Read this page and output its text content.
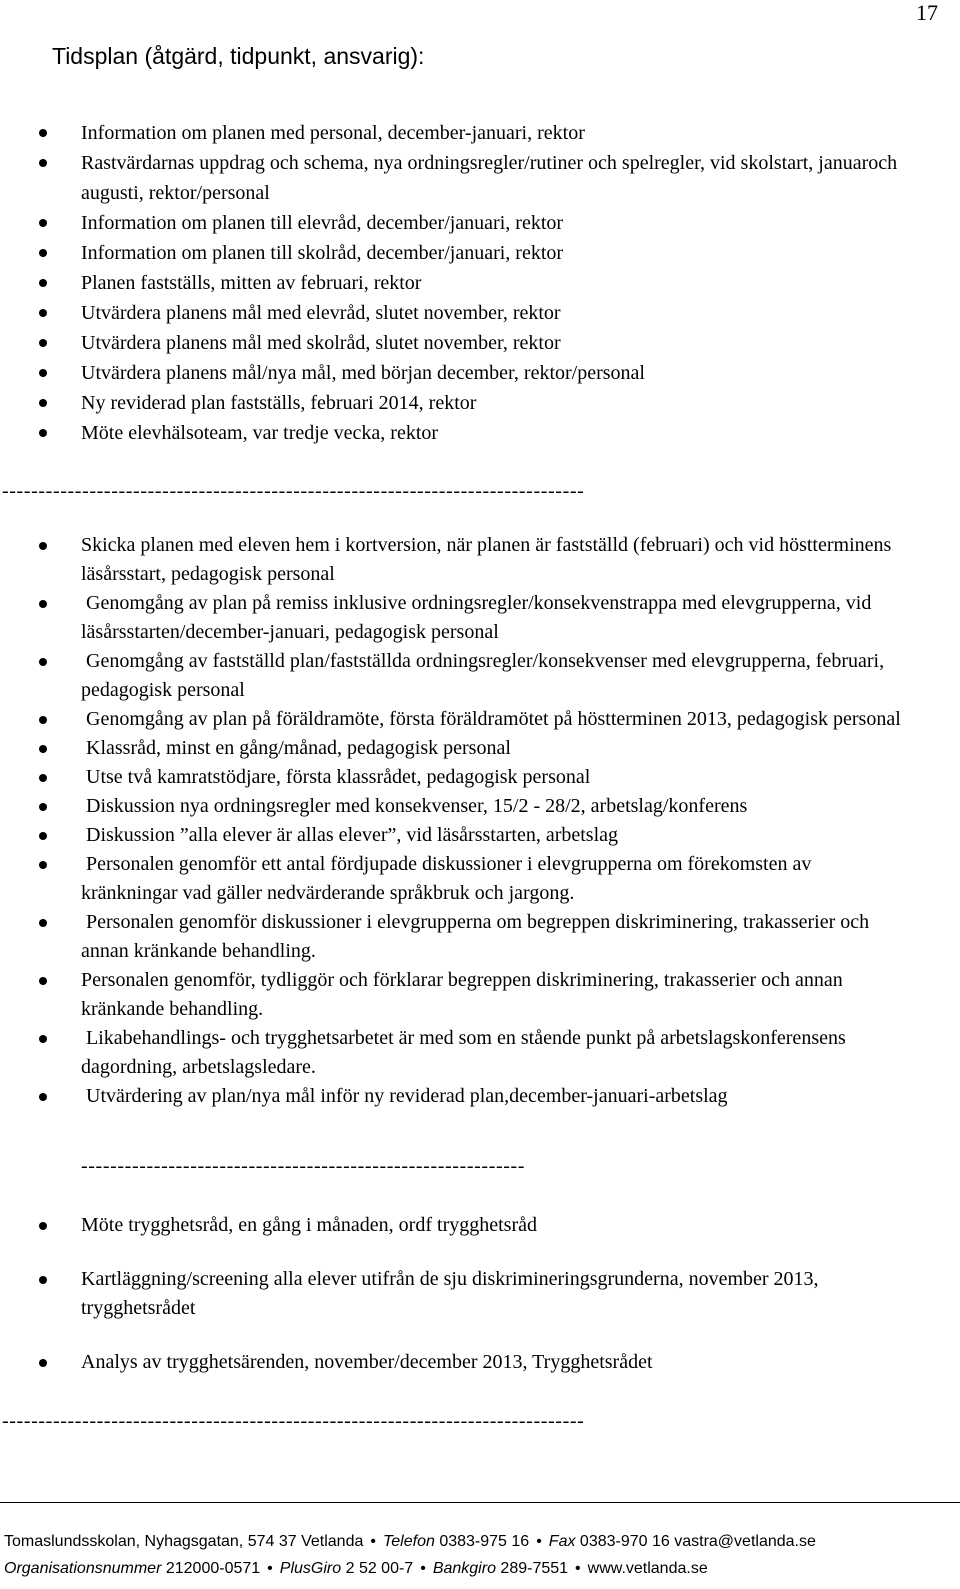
17
Tidsplan (åtgärd, tidpunkt, ansvarig):
Information om planen med personal, december-januari, rektor
Rastvärdarnas uppdrag och schema, nya ordningsregler/rutiner och spelregler, vid skolstart, januaroch augusti, rektor/personal
Information om planen till elevråd, december/januari, rektor
Information om planen till skolråd, december/januari, rektor
Planen fastställs, mitten av februari, rektor
Utvärdera planens mål med elevråd, slutet november, rektor
Utvärdera planens mål med skolråd, slutet november, rektor
Utvärdera planens mål/nya mål, med början december, rektor/personal
Ny reviderad plan fastställs, februari 2014, rektor
Möte elevhälsoteam, var tredje vecka, rektor
--------------------------------------------------------------------------------
Skicka planen med eleven hem i kortversion, när planen är fastställd (februari) och vid höstterminens läsårsstart, pedagogisk personal
Genomgång av plan på remiss inklusive ordningsregler/konsekvenstrappa med elevgrupperna, vid läsårsstarten/december-januari, pedagogisk personal
Genomgång av fastställd plan/fastställda ordningsregler/konsekvenser med elevgrupperna, februari, pedagogisk personal
Genomgång av plan på föräldramöte, första föräldramötet på höstterminen 2013, pedagogisk personal
Klassråd, minst en gång/månad, pedagogisk personal
Utse två kamratstödjare, första klassrådet, pedagogisk personal
Diskussion nya ordningsregler med konsekvenser, 15/2 - 28/2, arbetslag/konferens
Diskussion ”alla elever är allas elever”, vid läsårsstarten, arbetslag
Personalen genomför ett antal fördjupade diskussioner i elevgrupperna om förekomsten av kränkningar vad gäller nedvärderande språkbruk och jargong.
Personalen genomför diskussioner i elevgrupperna om begreppen diskriminering, trakasserier och annan kränkande behandling.
Personalen genomför, tydliggör och förklarar begreppen diskriminering, trakasserier och annan kränkande behandling.
Likabehandlings- och trygghetsarbetet är med som en stående punkt på arbetslagskonferensens dagordning, arbetslagsledare.
Utvärdering av plan/nya mål inför ny reviderad plan,december-januari-arbetslag
-------------------------------------------------------------
Möte trygghetsråd, en gång i månaden, ordf trygghetsråd
Kartläggning/screening alla elever utifrån de sju diskrimineringsgrunderna, november 2013, trygghetsrådet
Analys av trygghetsärenden, november/december 2013, Trygghetsrådet
--------------------------------------------------------------------------------
Tomaslundsskolan, Nyhagsgatan, 574 37 Vetlanda • Telefon 0383-975 16 • Fax 0383-970 16 vastra@vetlanda.se
Organisationsnummer 212000-0571 • PlusGiro 2 52 00-7 • Bankgiro 289-7551 • www.vetlanda.se
